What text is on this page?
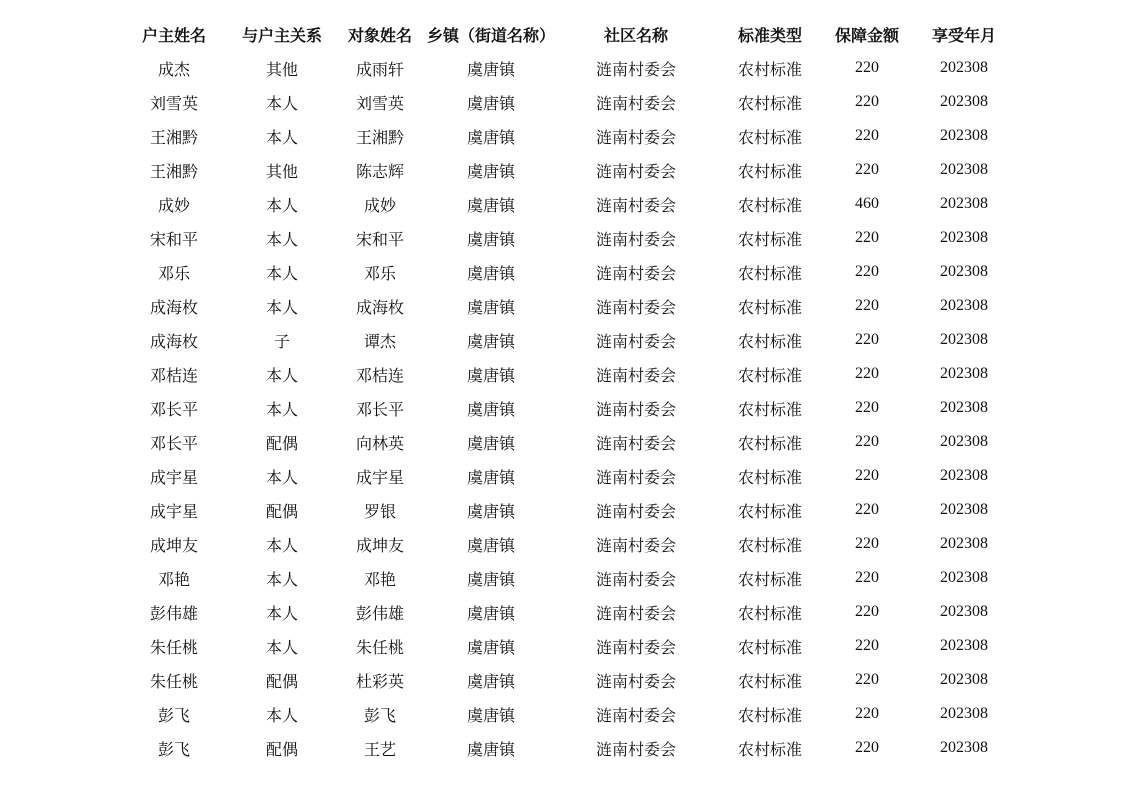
户主姓名	与户主关系	对象姓名	乡镇（街道名称）	社区名称	标准类型	保障金额	享受年月
成杰	其他	成雨轩	虞唐镇	涟南村委会	农村标准	220	202308
刘雪英	本人	刘雪英	虞唐镇	涟南村委会	农村标准	220	202308
王湘黔	本人	王湘黔	虞唐镇	涟南村委会	农村标准	220	202308
王湘黔	其他	陈志辉	虞唐镇	涟南村委会	农村标准	220	202308
成妙	本人	成妙	虞唐镇	涟南村委会	农村标准	460	202308
宋和平	本人	宋和平	虞唐镇	涟南村委会	农村标准	220	202308
邓乐	本人	邓乐	虞唐镇	涟南村委会	农村标准	220	202308
成海枚	本人	成海枚	虞唐镇	涟南村委会	农村标准	220	202308
成海枚	子	谭杰	虞唐镇	涟南村委会	农村标准	220	202308
邓桔连	本人	邓桔连	虞唐镇	涟南村委会	农村标准	220	202308
邓长平	本人	邓长平	虞唐镇	涟南村委会	农村标准	220	202308
邓长平	配偶	向林英	虞唐镇	涟南村委会	农村标准	220	202308
成宇星	本人	成宇星	虞唐镇	涟南村委会	农村标准	220	202308
成宇星	配偶	罗银	虞唐镇	涟南村委会	农村标准	220	202308
成坤友	本人	成坤友	虞唐镇	涟南村委会	农村标准	220	202308
邓艳	本人	邓艳	虞唐镇	涟南村委会	农村标准	220	202308
彭伟雄	本人	彭伟雄	虞唐镇	涟南村委会	农村标准	220	202308
朱任桃	本人	朱任桃	虞唐镇	涟南村委会	农村标准	220	202308
朱任桃	配偶	杜彩英	虞唐镇	涟南村委会	农村标准	220	202308
彭飞	本人	彭飞	虞唐镇	涟南村委会	农村标准	220	202308
彭飞	配偶	王艺	虞唐镇	涟南村委会	农村标准	220	202308
